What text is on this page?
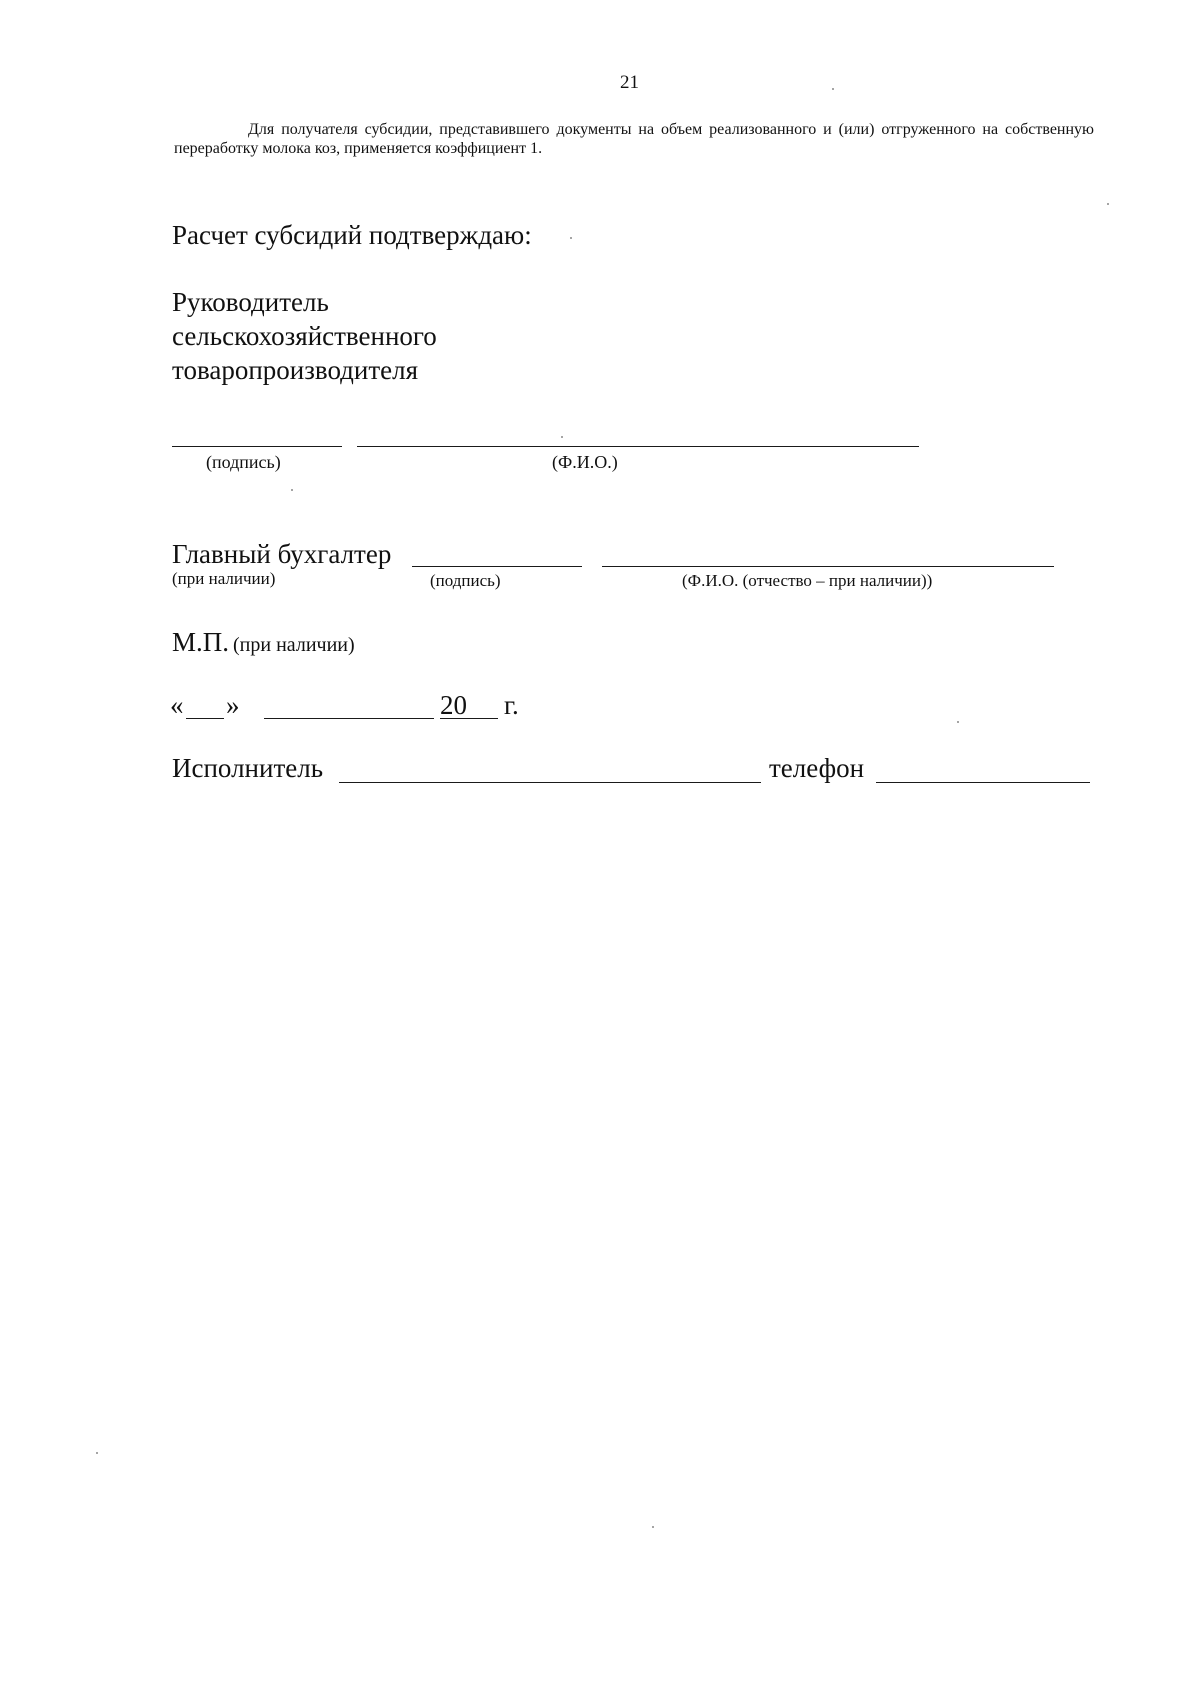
21
Для получателя субсидии, представившего документы на объем реализованного и (или) отгруженного на собственную переработку молока коз, применяется коэффициент 1.
Расчет субсидий подтверждаю:
Руководитель
сельскохозяйственного
товаропроизводителя
(подпись)	(Ф.И.О.)
Главный бухгалтер
(при наличии)	(подпись)	(Ф.И.О. (отчество – при наличии))
М.П. (при наличии)
« »	20 г.
Исполнитель	телефон
